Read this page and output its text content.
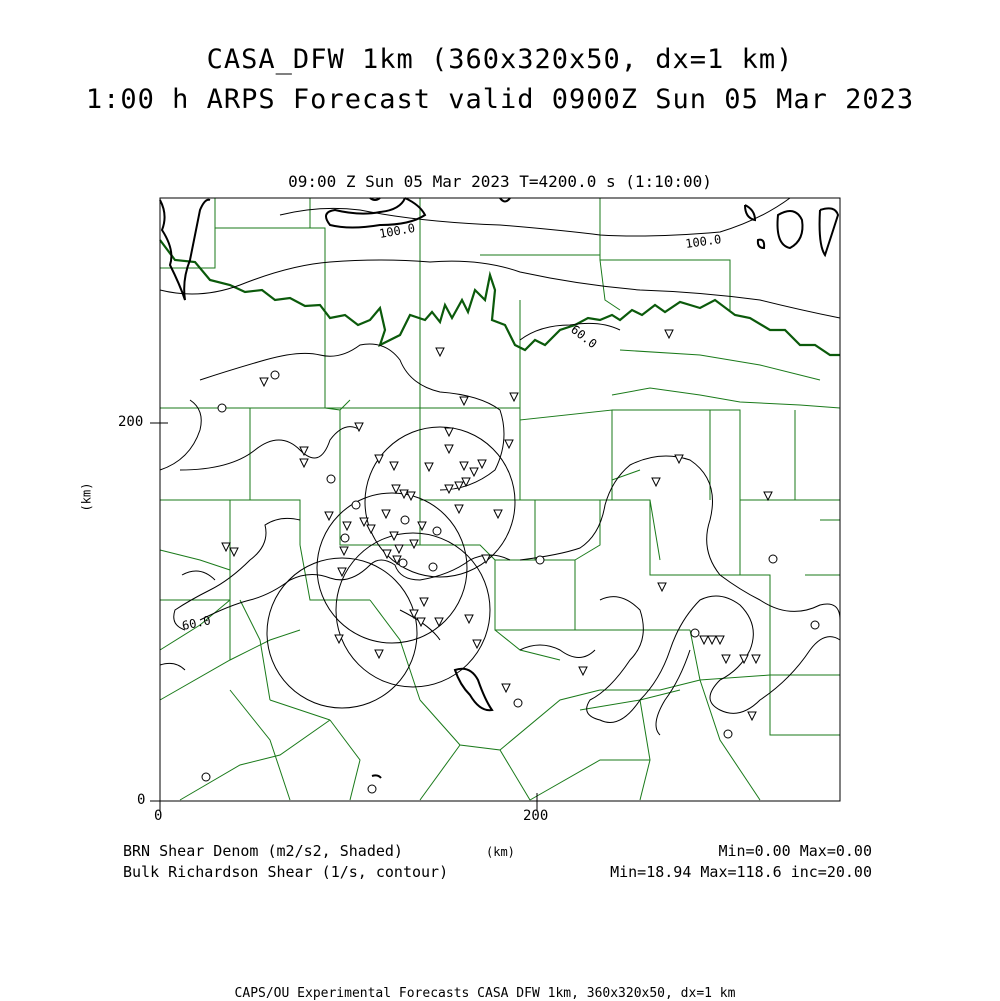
CASA_DFW 1km (360x320x50, dx=1 km)
1:00 h ARPS Forecast valid 0900Z Sun 05 Mar 2023
09:00 Z Sun 05 Mar 2023 T=4200.0 s (1:10:00)
100.0
100.0
60.0
60.0
0
200
0	200
(km)
(km)
BRN Shear Denom (m2/s2, Shaded)
Bulk Richardson Shear (1/s, contour)
Min=0.00 Max=0.00
Min=18.94 Max=118.6 inc=20.00
CAPS/OU Experimental Forecasts CASA DFW 1km, 360x320x50, dx=1 km
